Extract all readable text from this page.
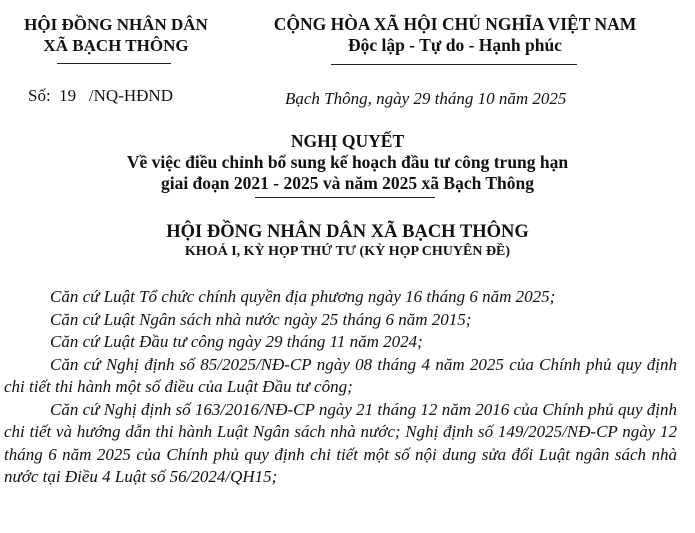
HỘI ĐỒNG NHÂN DÂN
XÃ BẠCH THÔNG
CỘNG HÒA XÃ HỘI CHỦ NGHĨA VIỆT NAM
Độc lập - Tự do - Hạnh phúc
Số:  19   /NQ-HĐND	Bạch Thông, ngày 29 tháng 10 năm 2025
NGHỊ QUYẾT
Về việc điều chỉnh bổ sung kế hoạch đầu tư công trung hạn
giai đoạn 2021 - 2025 và năm 2025 xã Bạch Thông
HỘI ĐỒNG NHÂN DÂN XÃ BẠCH THÔNG
KHOÁ I, KỲ HỌP THỨ TƯ (KỲ HỌP CHUYÊN ĐỀ)

Căn cứ Luật Tổ chức chính quyền địa phương ngày 16 tháng 6 năm 2025;

Căn cứ Luật Ngân sách nhà nước ngày 25 tháng 6 năm 2015;

Căn cứ Luật Đầu tư công ngày 29 tháng 11 năm 2024;

Căn cứ Nghị định số 85/2025/NĐ-CP ngày 08 tháng 4 năm 2025 của Chính phủ quy định chi tiết thi hành một số điều của Luật Đầu tư công;

Căn cứ Nghị định số 163/2016/NĐ-CP ngày 21 tháng 12 năm 2016 của Chính phủ quy định chi tiết và hướng dẫn thi hành Luật Ngân sách nhà nước; Nghị định số 149/2025/NĐ-CP ngày 12 tháng 6 năm 2025 của Chính phủ quy định chi tiết một số nội dung sửa đổi Luật ngân sách nhà nước tại Điều 4 Luật số 56/2024/QH15;
